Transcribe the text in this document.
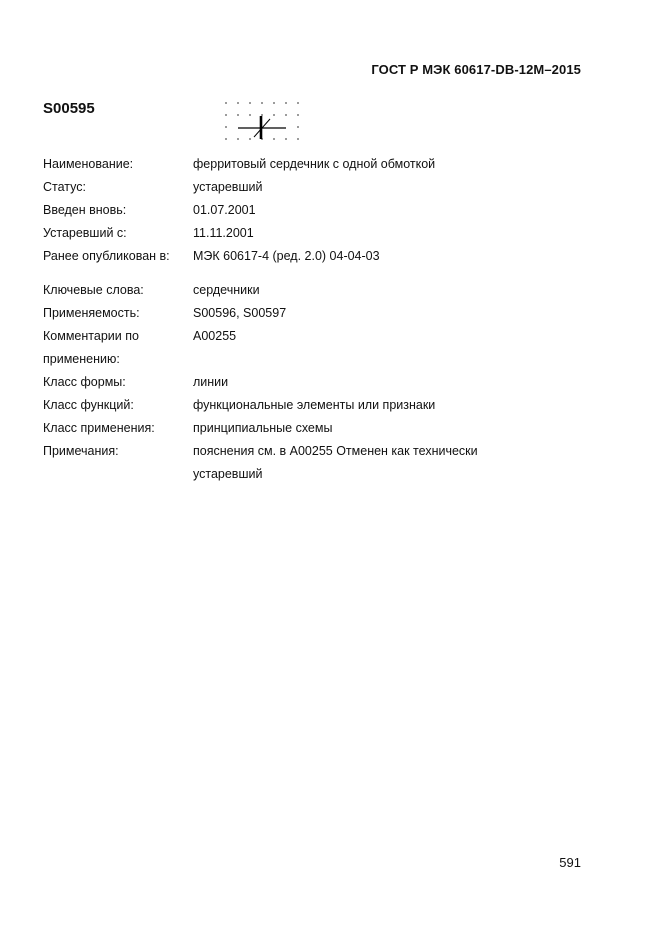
ГОСТ Р МЭК 60617-DB-12M–2015
S00595
Наименование:	ферритовый сердечник с одной обмоткой
Статус:	устаревший
Введен вновь:	01.07.2001
Устаревший с:	11.11.2001
Ранее опубликован в:	МЭК 60617-4 (ред. 2.0) 04-04-03
Ключевые слова:	сердечники
Применяемость:	S00596, S00597
Комментарии по	A00255
применению:
Класс формы:	линии
Класс функций:	функциональные элементы или признаки
Класс применения:	принципиальные схемы
Примечания:	пояснения см. в A00255 Отменен как технически
устаревший
591
